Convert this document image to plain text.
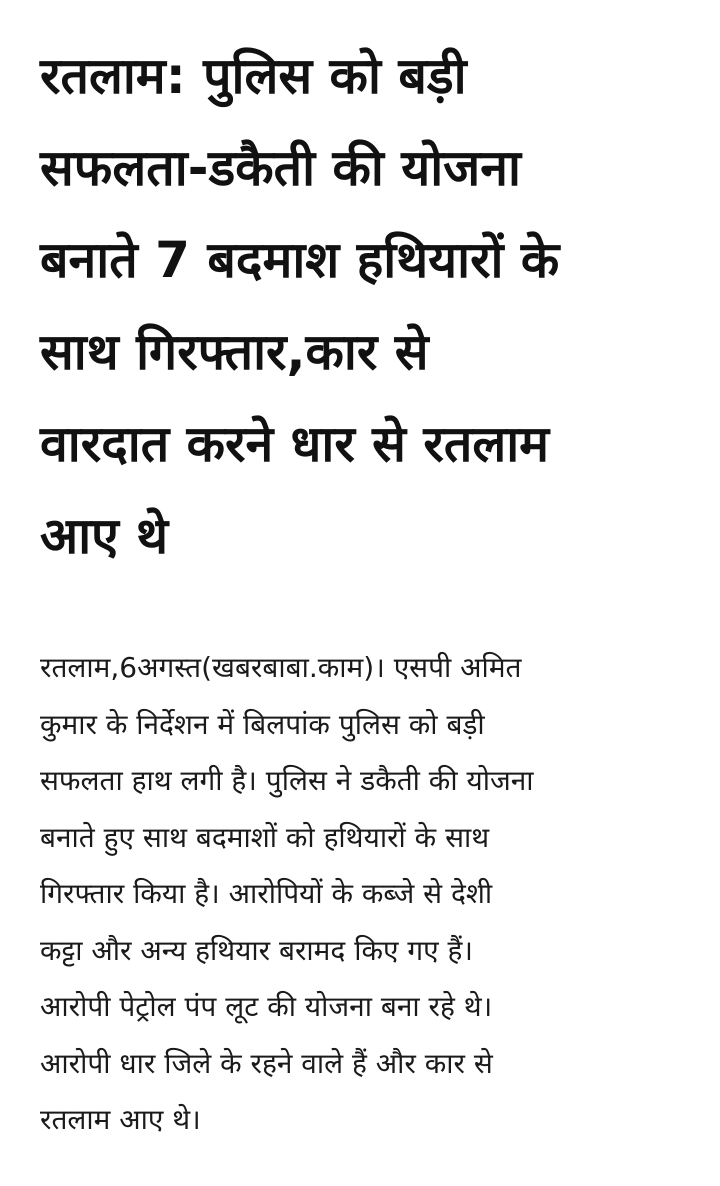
रतलाम: पुलिस को बड़ी
सफलता-डकैती की योजना
बनाते 7 बदमाश हथियारों के
साथ गिरफ्तार,कार से
वारदात करने धार से रतलाम
आए थे

रतलाम,6अगस्त(खबरबाबा.काम)। एसपी अमित
कुमार के निर्देशन में बिलपांक पुलिस को बड़ी
सफलता हाथ लगी है। पुलिस ने डकैती की योजना
बनाते हुए साथ बदमाशों को हथियारों के साथ
गिरफ्तार किया है। आरोपियों के कब्जे से देशी
कट्टा और अन्य हथियार बरामद किए गए हैं।
आरोपी पेट्रोल पंप लूट की योजना बना रहे थे।
आरोपी धार जिले के रहने वाले हैं और कार से
रतलाम आए थे।
